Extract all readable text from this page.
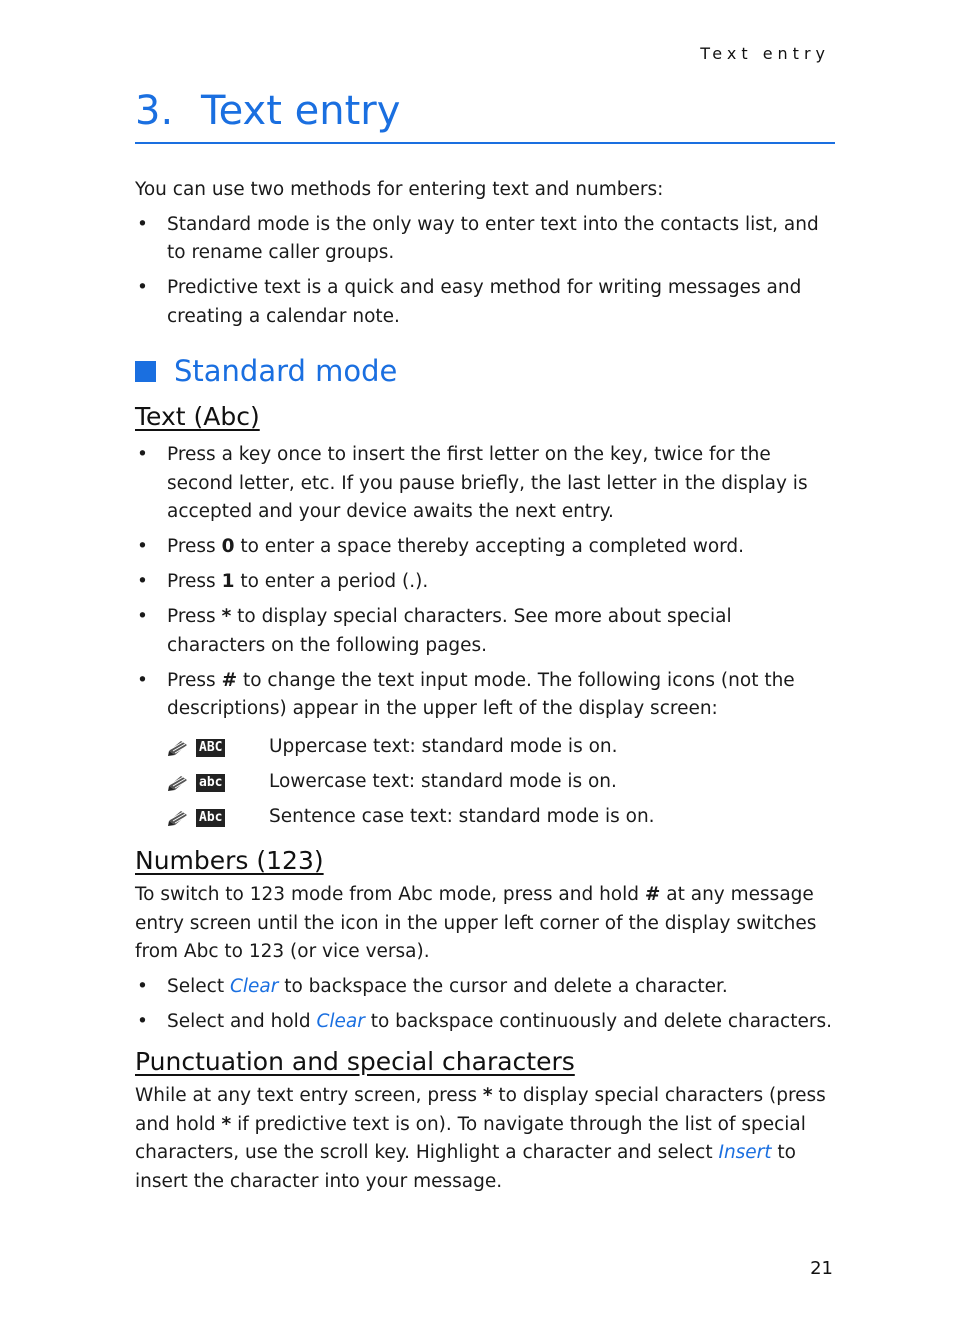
Text entry
3. Text entry

You can use two methods for entering text and numbers:

• Standard mode is the only way to enter text into the contacts list, and to rename caller groups.
• Predictive text is a quick and easy method for writing messages and creating a calendar note.
Standard mode
Text (Abc)
• Press a key once to insert the first letter on the key, twice for the second letter, etc. If you pause briefly, the last letter in the display is accepted and your device awaits the next entry.
• Press 0 to enter a space thereby accepting a completed word.
• Press 1 to enter a period (.).
• Press * to display special characters. See more about special characters on the following pages.
• Press # to change the text input mode. The following icons (not the descriptions) appear in the upper left of the display screen:
ABC	Uppercase text: standard mode is on.
abc	Lowercase text: standard mode is on.
Abc	Sentence case text: standard mode is on.
Numbers (123)

To switch to 123 mode from Abc mode, press and hold # at any message entry screen until the icon in the upper left corner of the display switches from Abc to 123 (or vice versa).

• Select Clear to backspace the cursor and delete a character.
• Select and hold Clear to backspace continuously and delete characters.
Punctuation and special characters

While at any text entry screen, press * to display special characters (press and hold * if predictive text is on). To navigate through the list of special characters, use the scroll key. Highlight a character and select Insert to insert the character into your message.

21
